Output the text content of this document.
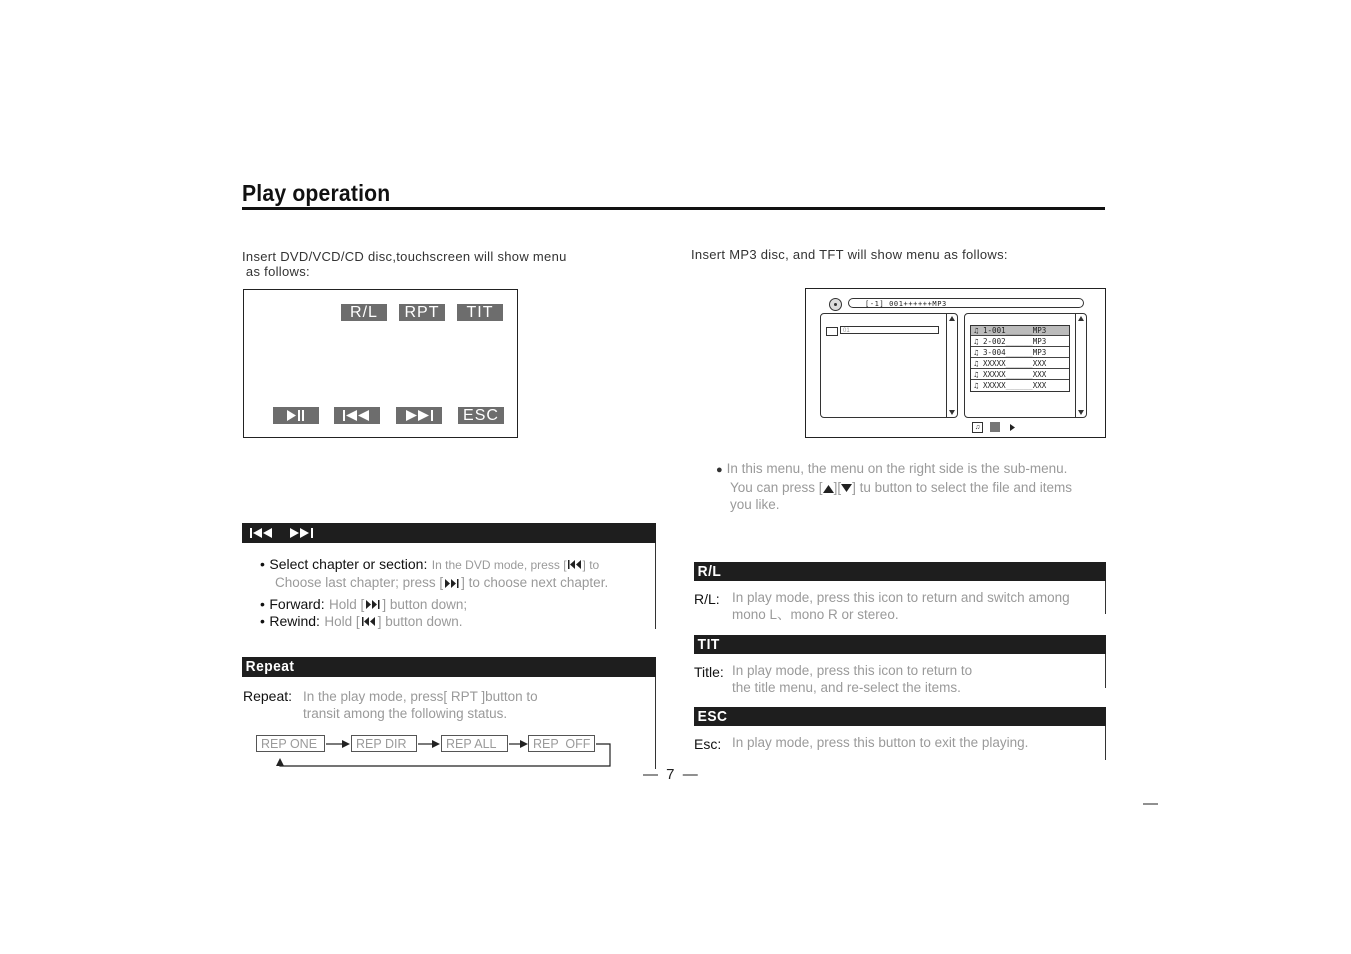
Play operation
Insert DVD/VCD/CD disc,touchscreen will show menu
as follows:
R/L	RPT	TIT
ESC
Insert MP3 disc, and TFT will show menu as follows:
[-1] 001++++++MP3
01	♫ 1-001______MP3
♫ 2-002______MP3
♫ 3-004______MP3
♫ XXXXX______XXX
♫ XXXXX______XXX
♫ XXXXX______XXX
♫
● In this menu, the menu on the right side is the sub-menu.
You can press [ ][ ] tu button to select the file and items
you like.
• Select chapter or section: In the DVD mode, press [ ] to
Choose last chapter; press [ ] to choose next chapter.
• Forward: Hold [ ] button down;
• Rewind: Hold [ ] button down.
Repeat
Repeat: In the play mode, press[ RPT ]button to
transit among the following status.
REP ONE	REP DIR	REP ALL	REP  OFF
R/L
R/L: In play mode, press this icon to return and switch among
mono L、mono R or stereo.
TIT
Title: In play mode, press this icon to return to
the title menu, and re-select the items.
ESC
Esc: In play mode, press this button to exit the playing.
— 7 —
—
